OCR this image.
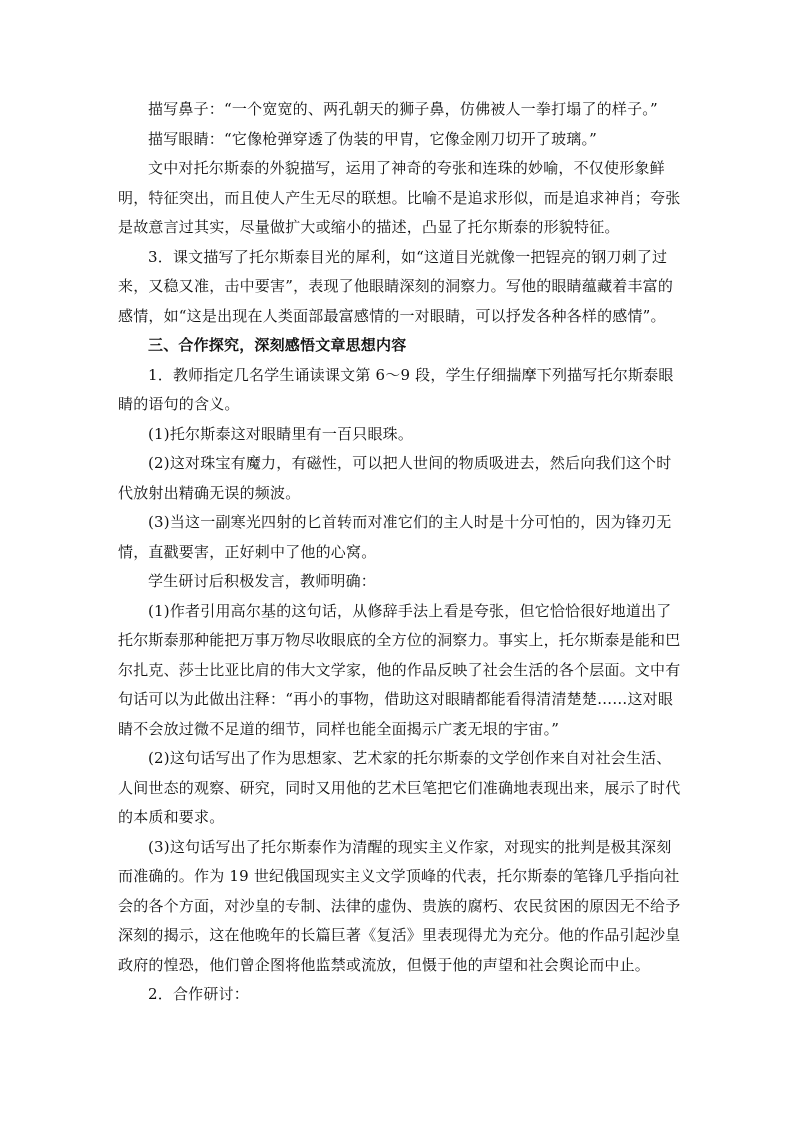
描写鼻子：“一个宽宽的、两孔朝天的狮子鼻，仿佛被人一拳打塌了的样子。”

描写眼睛：“它像枪弹穿透了伪装的甲胄，它像金刚刀切开了玻璃。”

文中对托尔斯泰的外貌描写，运用了神奇的夸张和连珠的妙喻，不仅使形象鲜明，特征突出，而且使人产生无尽的联想。比喻不是追求形似，而是追求神肖；夸张是故意言过其实，尽量做扩大或缩小的描述，凸显了托尔斯泰的形貌特征。

3．课文描写了托尔斯泰目光的犀利，如“这道目光就像一把锃亮的钢刀刺了过来，又稳又准，击中要害”，表现了他眼睛深刻的洞察力。写他的眼睛蕴藏着丰富的感情，如“这是出现在人类面部最富感情的一对眼睛，可以抒发各种各样的感情”。

三、合作探究，深刻感悟文章思想内容

1．教师指定几名学生诵读课文第 6～9 段，学生仔细揣摩下列描写托尔斯泰眼睛的语句的含义。

(1)托尔斯泰这对眼睛里有一百只眼珠。

(2)这对珠宝有魔力，有磁性，可以把人世间的物质吸进去，然后向我们这个时代放射出精确无误的频波。

(3)当这一副寒光四射的匕首转而对准它们的主人时是十分可怕的，因为锋刃无情，直戳要害，正好刺中了他的心窝。

学生研讨后积极发言，教师明确：

(1)作者引用高尔基的这句话，从修辞手法上看是夸张，但它恰恰很好地道出了托尔斯泰那种能把万事万物尽收眼底的全方位的洞察力。事实上，托尔斯泰是能和巴尔扎克、莎士比亚比肩的伟大文学家，他的作品反映了社会生活的各个层面。文中有句话可以为此做出注释：“再小的事物，借助这对眼睛都能看得清清楚楚……这对眼睛不会放过微不足道的细节，同样也能全面揭示广袤无垠的宇宙。”

(2)这句话写出了作为思想家、艺术家的托尔斯泰的文学创作来自对社会生活、人间世态的观察、研究，同时又用他的艺术巨笔把它们准确地表现出来，展示了时代的本质和要求。

(3)这句话写出了托尔斯泰作为清醒的现实主义作家，对现实的批判是极其深刻而准确的。作为 19 世纪俄国现实主义文学顶峰的代表，托尔斯泰的笔锋几乎指向社会的各个方面，对沙皇的专制、法律的虚伪、贵族的腐朽、农民贫困的原因无不给予深刻的揭示，这在他晚年的长篇巨著《复活》里表现得尤为充分。他的作品引起沙皇政府的惶恐，他们曾企图将他监禁或流放，但慑于他的声望和社会舆论而中止。

2．合作研讨：
